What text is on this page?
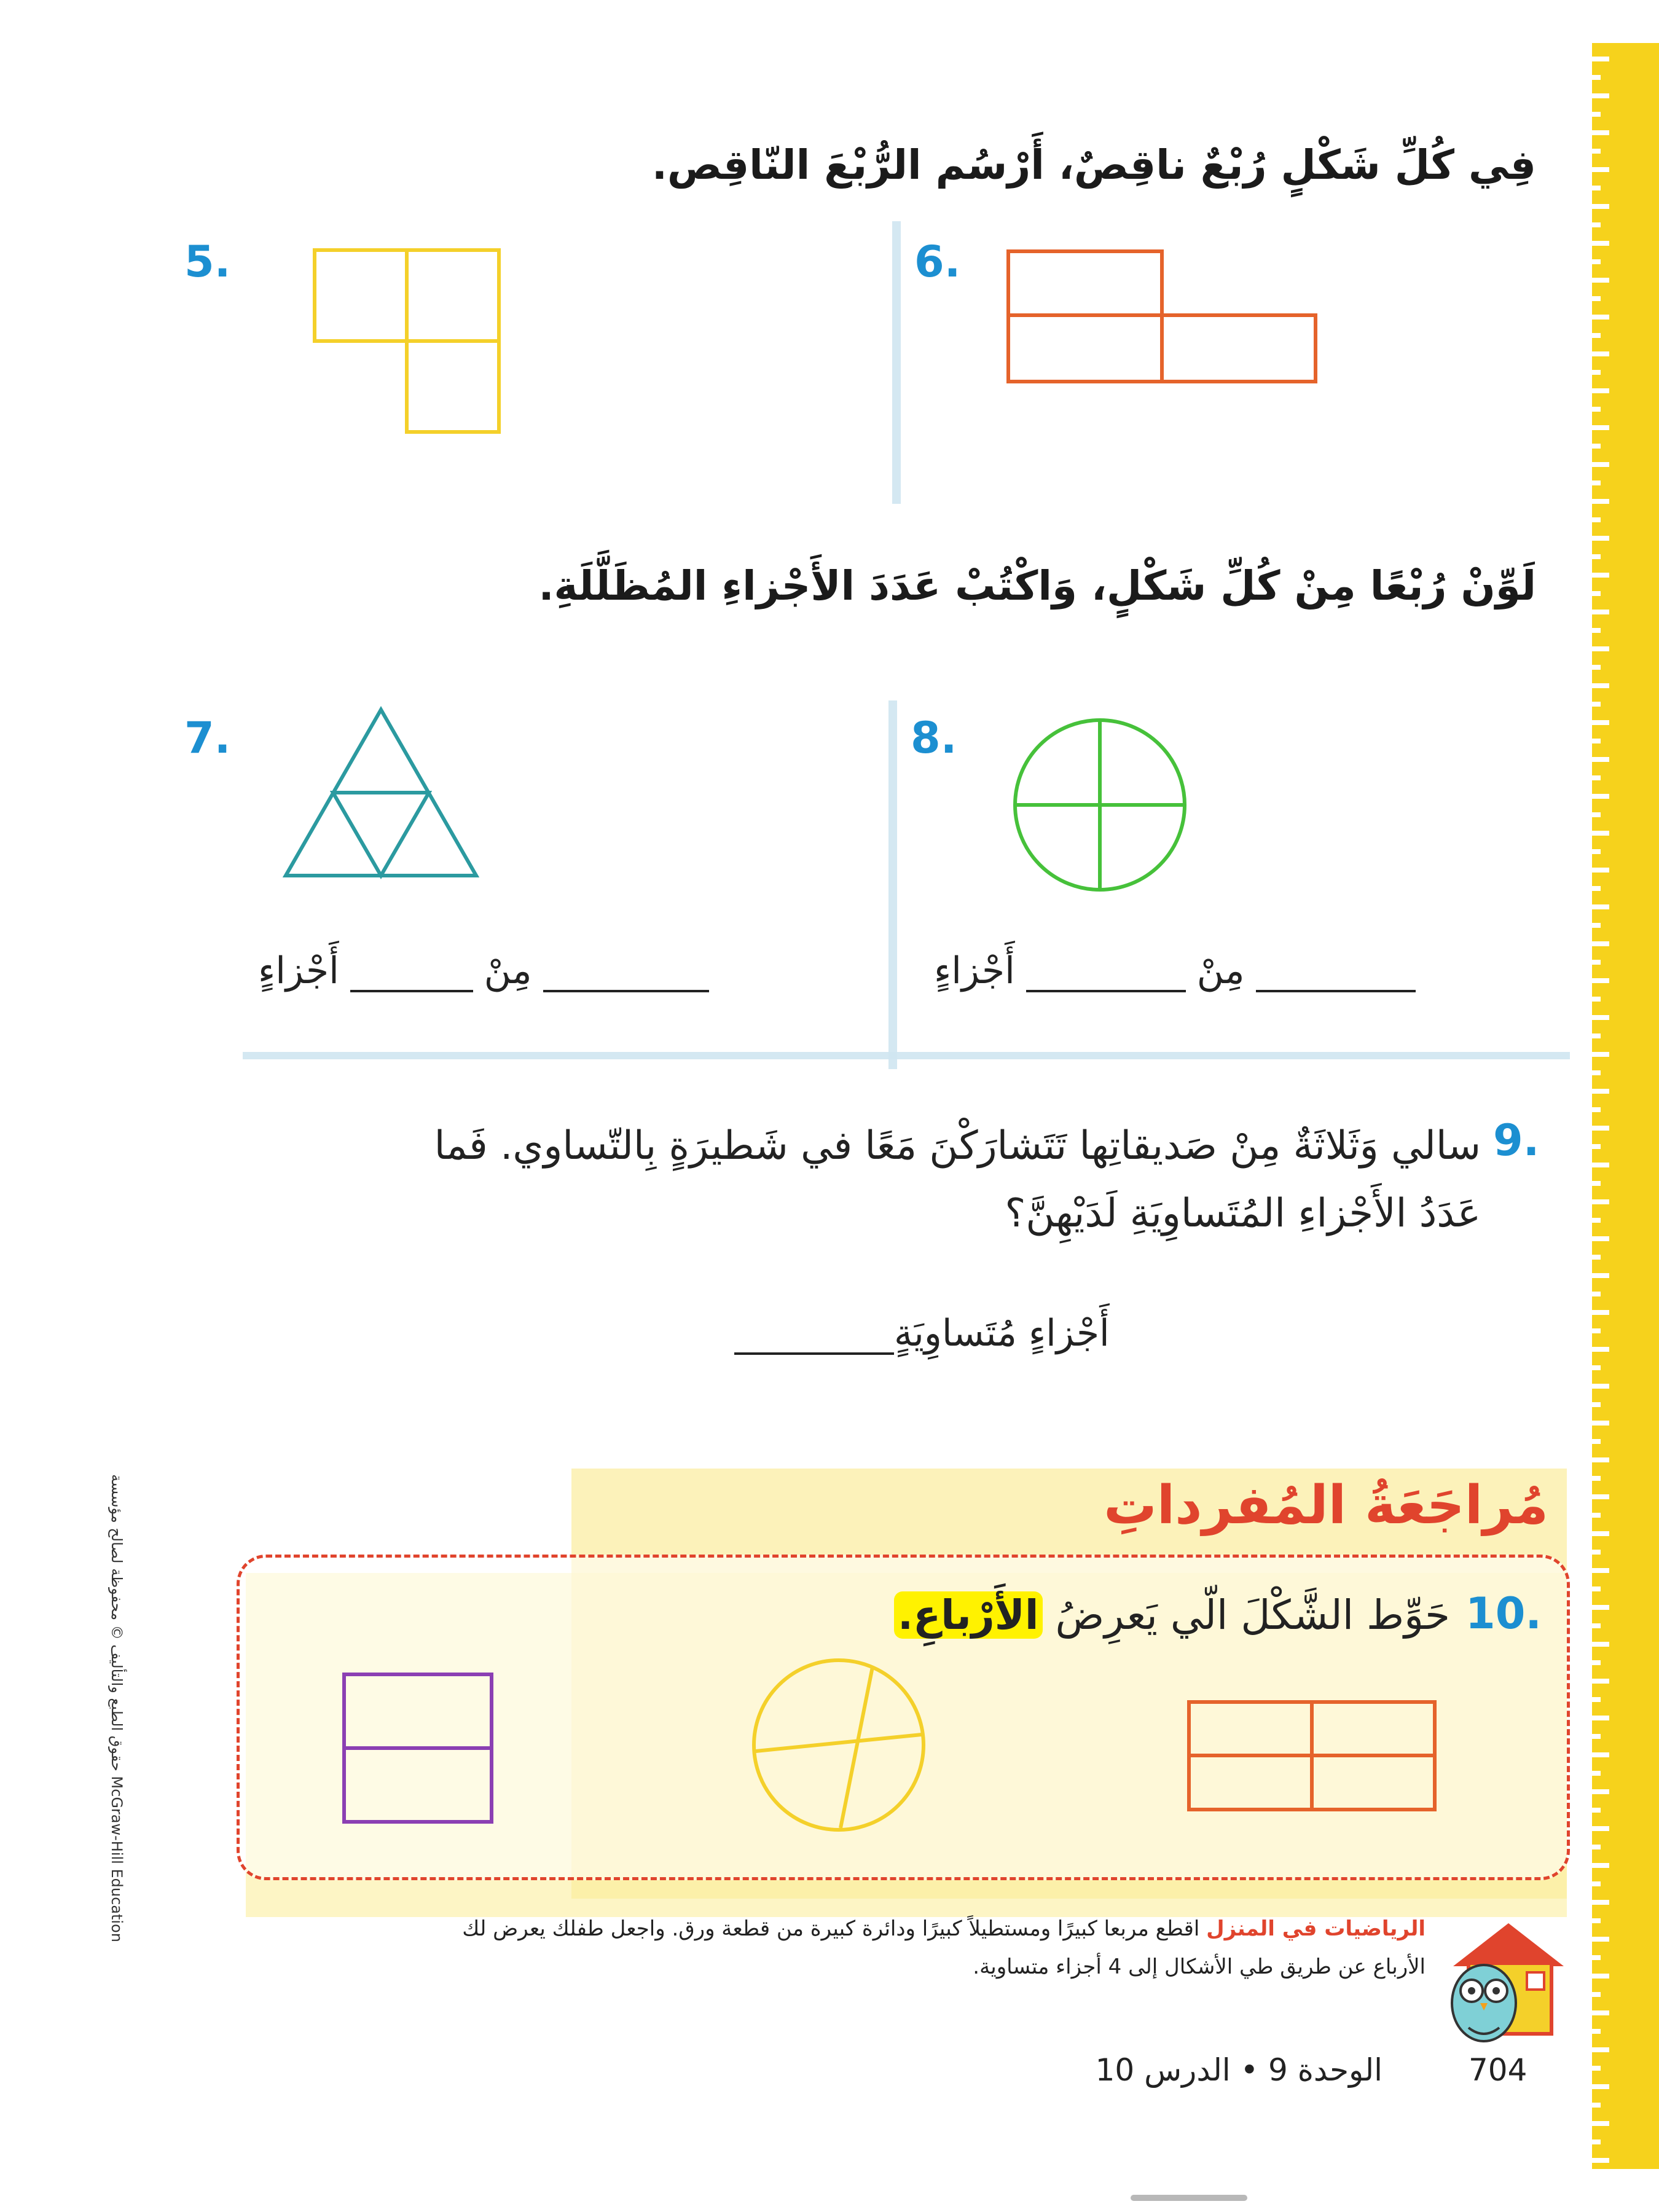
حقوق الطبع والتأليف © محفوظة لصالح مؤسسة McGraw-Hill Education
فِي كُلِّ شَكْلٍ رُبْعٌ ناقِصٌ، أَرْسُم الرُّبْعَ النّاقِص.
6.
5.
لَوِّنْ رُبْعًا مِنْ كُلِّ شَكْلٍ، وَاكْتُبْ عَدَدَ الأَجْزاءِ المُظَلَّلَةِ.
8.
مِنْأَجْزاءٍ
7.
مِنْأَجْزاءٍ
9.
سالي وَثَلاثَةٌ مِنْ صَديقاتِها تَتَشارَكْنَ مَعًا في شَطيرَةٍ بِالتّساوي. فَما
عَدَدُ الأَجْزاءِ المُتَساوِيَةِ لَدَيْهِنَّ؟
أَجْزاءٍ مُتَساوِيَةٍ
مُراجَعَةُ المُفرداتِ
10.
حَوِّط الشَّكْلَ الّي يَعرِضُ الأَرْباعِ.
الرياضيات في المنزل اقطع مربعا كبيرًا ومستطيلاً كبيرًا ودائرة كبيرة من قطعة ورق. واجعل طفلك يعرض لك الأرباع عن طريق طي الأشكال إلى 4 أجزاء متساوية.
704
الوحدة 9 • الدرس 10
